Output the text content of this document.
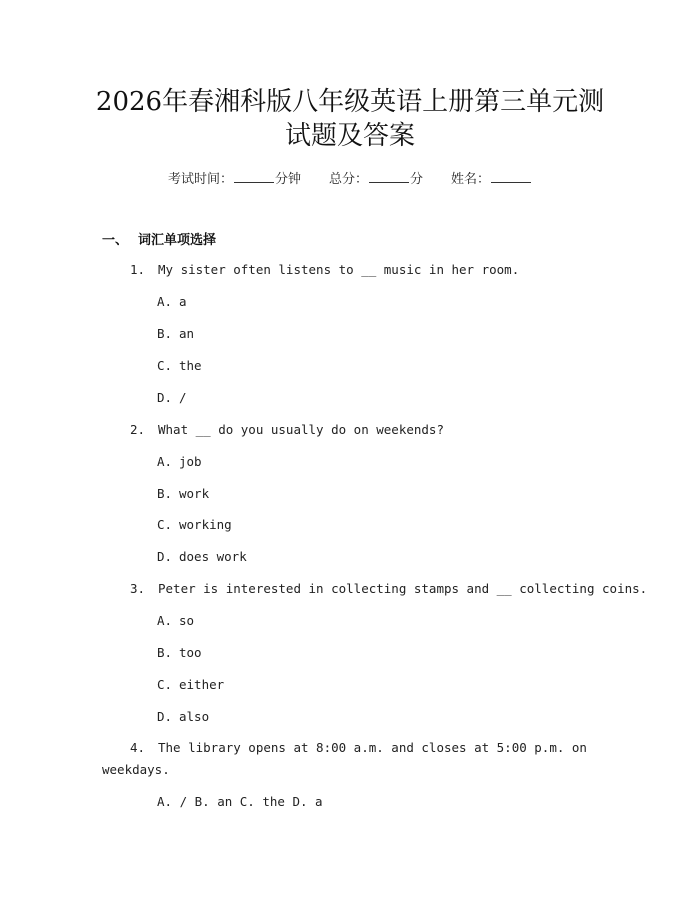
2026年春湘科版八年级英语上册第三单元测
试题及答案
考试时间：	分钟 总分：	分 姓名：
一、 词汇单项选择
1. My sister often listens to __ music in her room.
A. a
B. an
C. the
D. /
2. What __ do you usually do on weekends?
A. job
B. work
C. working
D. does work
3. Peter is interested in collecting stamps and __ collecting coins.
A. so
B. too
C. either
D. also
4. The library opens at 8:00 a.m. and closes at 5:00 p.m. on
weekdays.
A. / B. an C. the D. a
